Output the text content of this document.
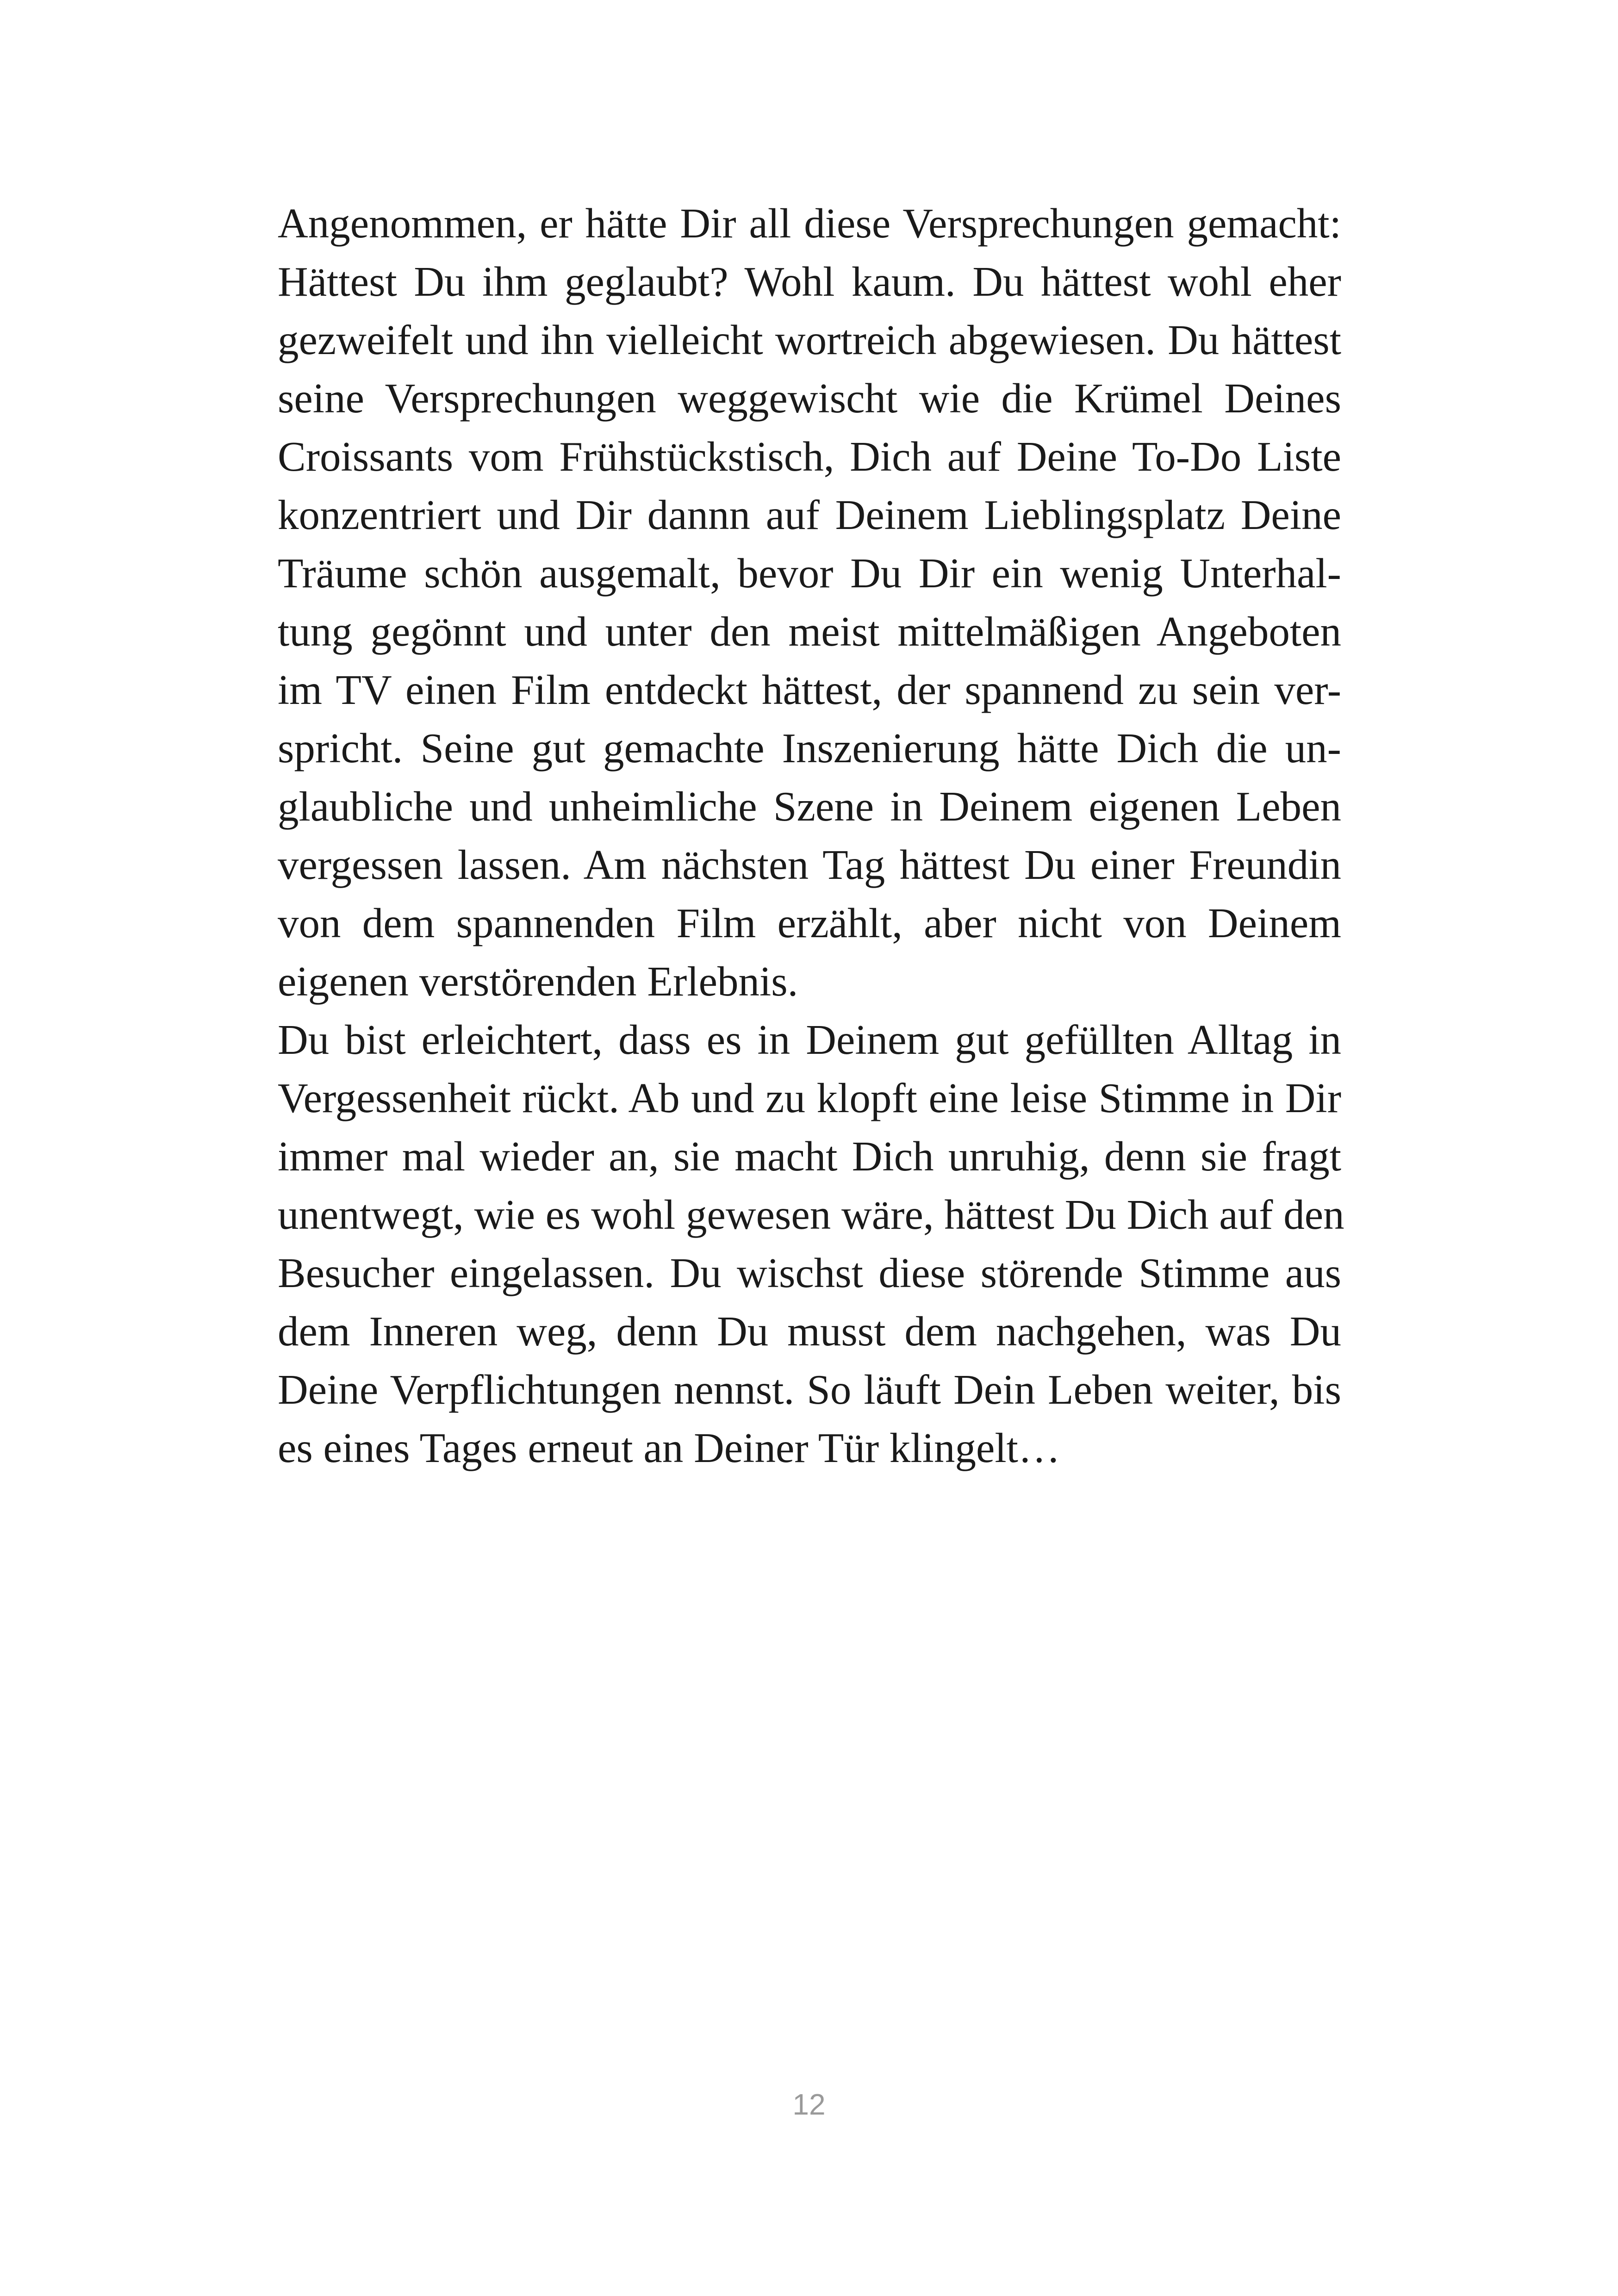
Angenommen, er hätte Dir all diese Versprechungen gemacht:
Hättest Du ihm geglaubt? Wohl kaum. Du hättest wohl eher
gezweifelt und ihn vielleicht wortreich abgewiesen. Du hättest
seine Versprechungen weggewischt wie die Krümel Deines
Croissants vom Frühstückstisch, Dich auf Deine To-Do Liste
konzentriert und Dir dannn auf Deinem Lieblingsplatz Deine
Träume schön ausgemalt, bevor Du Dir ein wenig Unterhal-
tung gegönnt und unter den meist mittelmäßigen Angeboten
im TV einen Film entdeckt hättest, der spannend zu sein ver-
spricht. Seine gut gemachte Inszenierung hätte Dich die un-
glaubliche und unheimliche Szene in Deinem eigenen Leben
vergessen lassen. Am nächsten Tag hättest Du einer Freundin
von dem spannenden Film erzählt, aber nicht von Deinem
eigenen verstörenden Erlebnis.
Du bist erleichtert, dass es in Deinem gut gefüllten Alltag in
Vergessenheit rückt. Ab und zu klopft eine leise Stimme in Dir
immer mal wieder an, sie macht Dich unruhig, denn sie fragt
unentwegt, wie es wohl gewesen wäre, hättest Du Dich auf den
Besucher eingelassen. Du wischst diese störende Stimme aus
dem Inneren weg, denn Du musst dem nachgehen, was Du
Deine Verpflichtungen nennst. So läuft Dein Leben weiter, bis
es eines Tages erneut an Deiner Tür klingelt…
12
